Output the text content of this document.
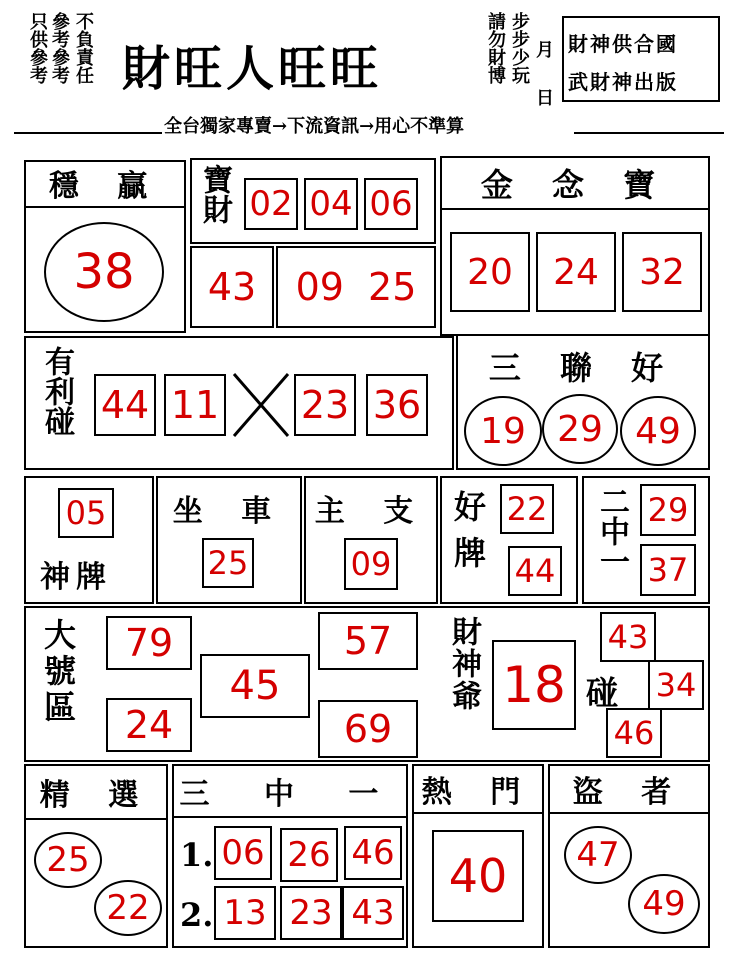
只供參考 參考參考 不負責任 財旺人旺旺	請勿財博 步步少玩 月
日
財神供合國
武財神出版
全台獨家專賣→下流資訊→用心不準算
穩 贏
38
寶財 02 04 06
43	09 25
金 念 寶
20	24	32
有利碰 44 11 23 36
三 聯 好
19 29 49
05
神牌
坐 車
25
主 支
09 好牌 22
44 二中一 29
37
大號區	79
24
45
57
69
財神爺 18 碰
43
34
46
精 選
25
22
三 中 一
1. 06 26 46
2. 13 23 43
熱 門
40
盜 者
47
49
